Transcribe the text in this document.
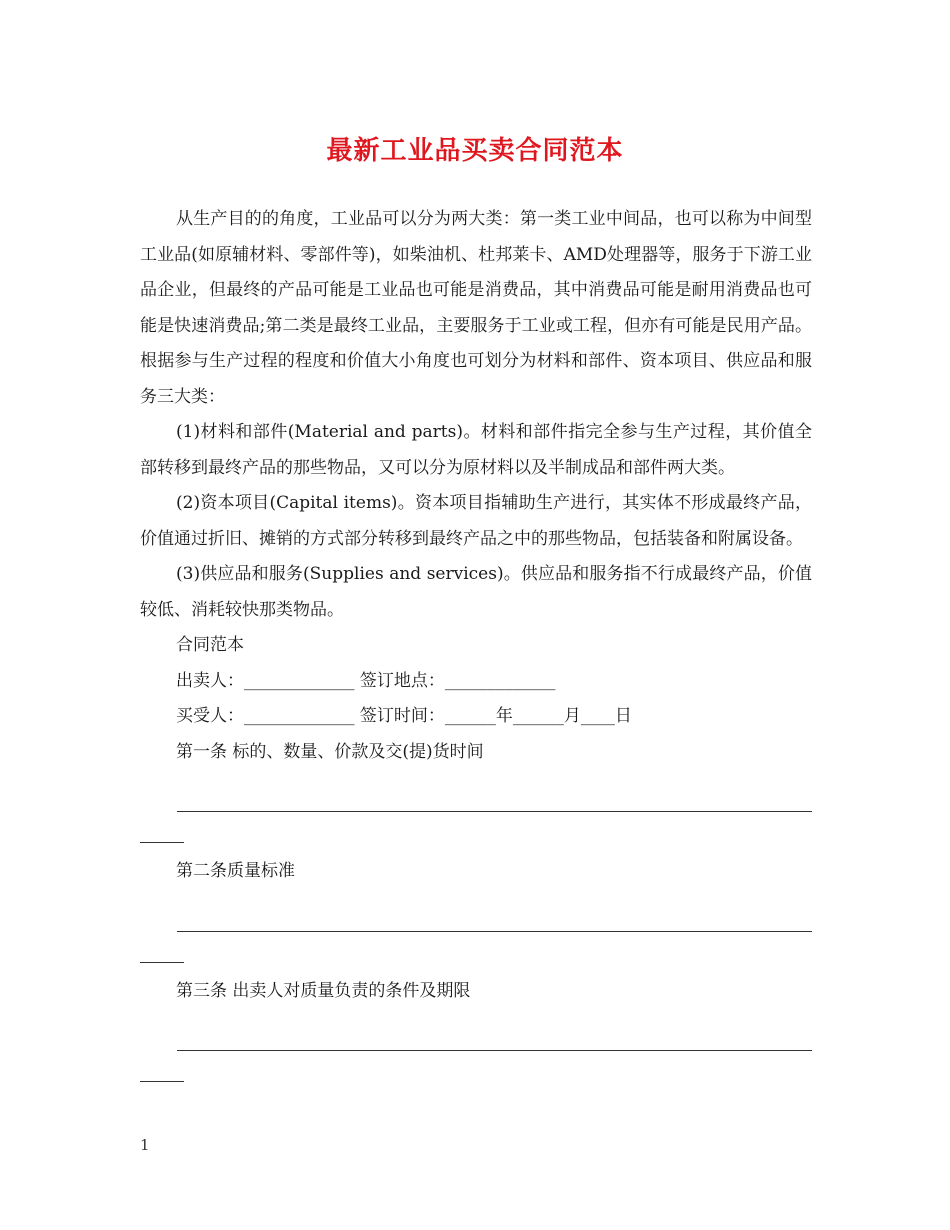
最新工业品买卖合同范本

从生产目的的角度，工业品可以分为两大类：第一类工业中间品，也可以称为中间型工业品(如原辅材料、零部件等)，如柴油机、杜邦莱卡、AMD处理器等，服务于下游工业品企业，但最终的产品可能是工业品也可能是消费品，其中消费品可能是耐用消费品也可能是快速消费品;第二类是最终工业品，主要服务于工业或工程，但亦有可能是民用产品。 根据参与生产过程的程度和价值大小角度也可划分为材料和部件、资本项目、供应品和服务三大类：

(1)材料和部件(Material and parts)。材料和部件指完全参与生产过程，其价值全部转移到最终产品的那些物品，又可以分为原材料以及半制成品和部件两大类。

(2)资本项目(Capital items)。资本项目指辅助生产进行，其实体不形成最终产品，价值通过折旧、摊销的方式部分转移到最终产品之中的那些物品，包括装备和附属设备。

(3)供应品和服务(Supplies and services)。供应品和服务指不行成最终产品，价值较低、消耗较快那类物品。

合同范本

出卖人：_____________ 签订地点：_____________

买受人：_____________ 签订时间：______年______月____日

第一条 标的、数量、价款及交(提)货时间

第二条质量标准

第三条 出卖人对质量负责的条件及期限

1
